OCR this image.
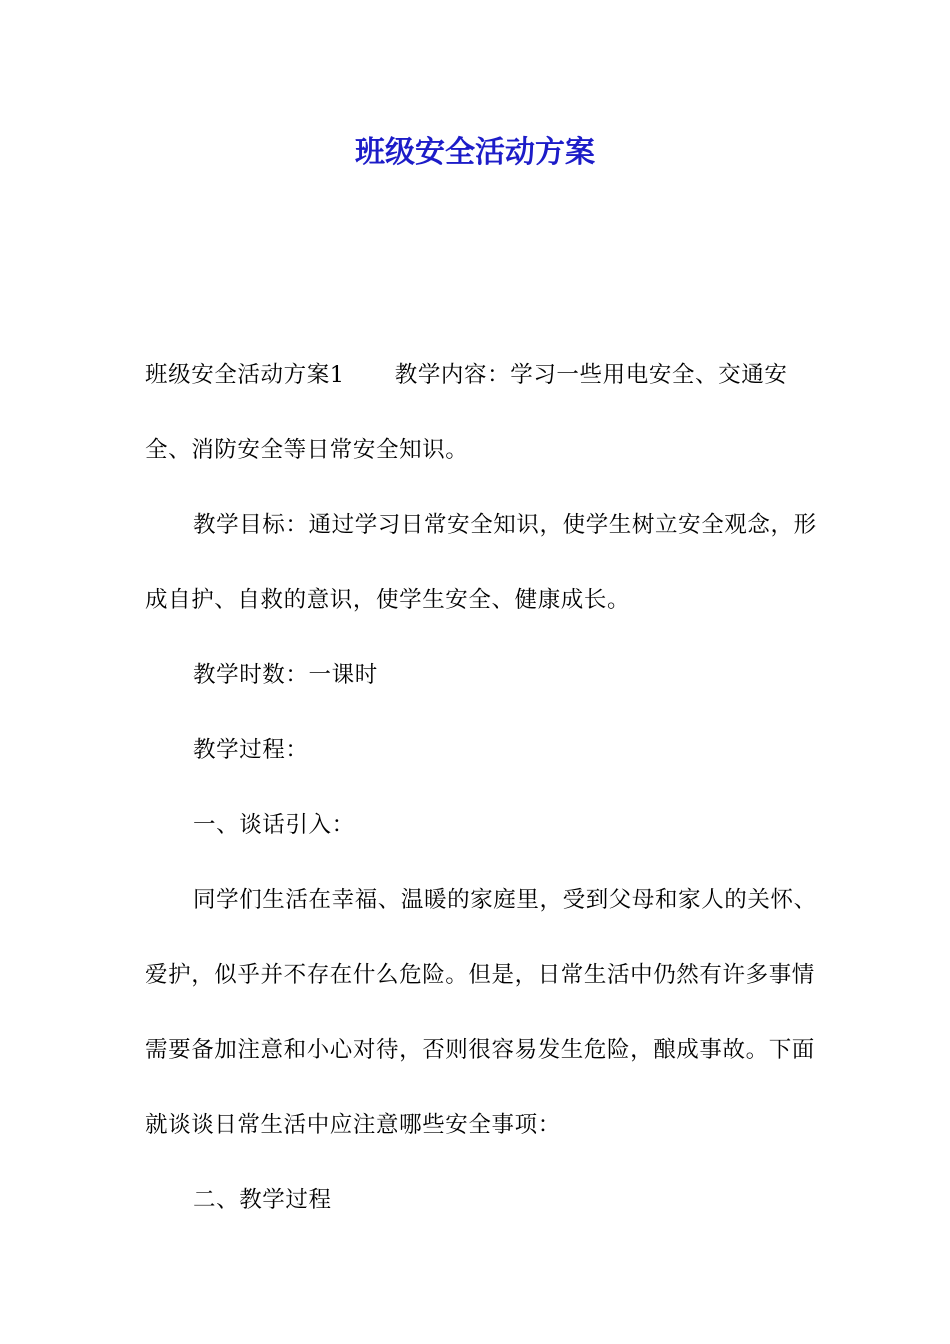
班级安全活动方案

班级安全活动方案1 教学内容：学习一些用电安全、交通安全、消防安全等日常安全知识。

教学目标：通过学习日常安全知识，使学生树立安全观念，形成自护、自救的意识，使学生安全、健康成长。

教学时数：一课时

教学过程：

一、谈话引入：

同学们生活在幸福、温暖的家庭里，受到父母和家人的关怀、爱护，似乎并不存在什么危险。但是，日常生活中仍然有许多事情需要备加注意和小心对待，否则很容易发生危险，酿成事故。下面就谈谈日常生活中应注意哪些安全事项：

二、教学过程
